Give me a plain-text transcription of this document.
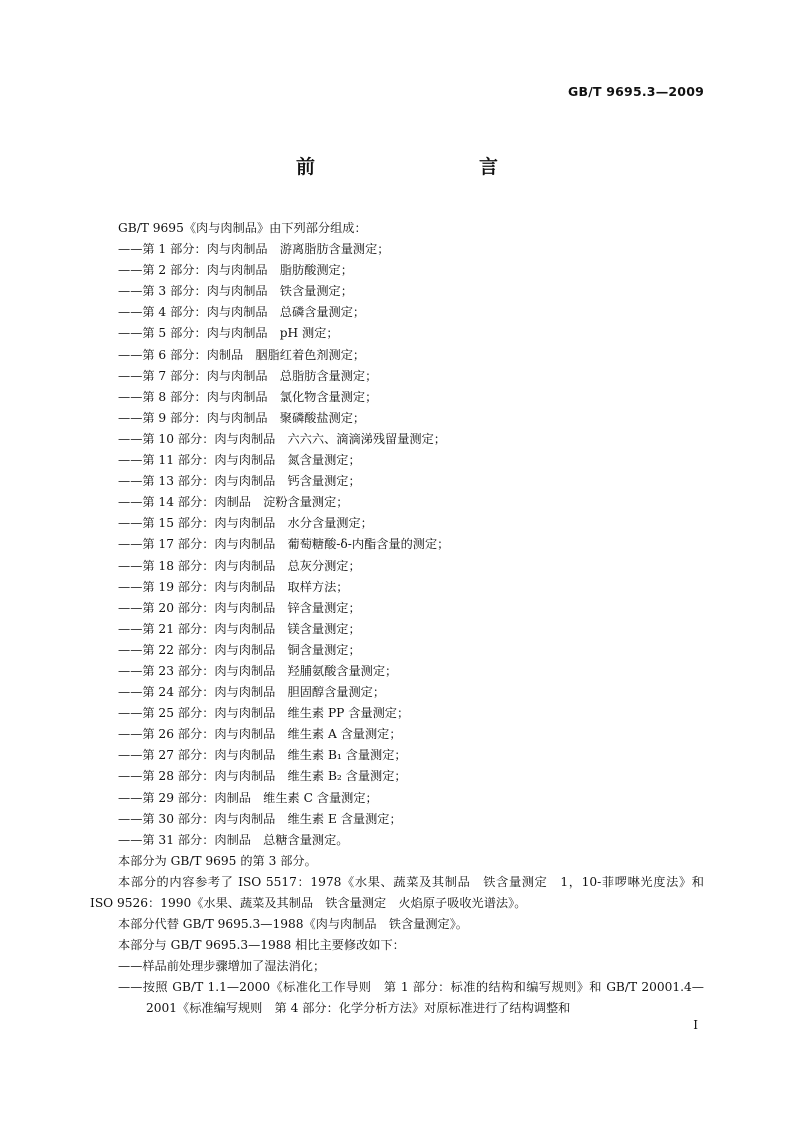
GB/T 9695.3—2009
前　　言
GB/T 9695《肉与肉制品》由下列部分组成：
——第 1 部分：肉与肉制品　游离脂肪含量测定；
——第 2 部分：肉与肉制品　脂肪酸测定；
——第 3 部分：肉与肉制品　铁含量测定；
——第 4 部分：肉与肉制品　总磷含量测定；
——第 5 部分：肉与肉制品　pH 测定；
——第 6 部分：肉制品　胭脂红着色剂测定；
——第 7 部分：肉与肉制品　总脂肪含量测定；
——第 8 部分：肉与肉制品　氯化物含量测定；
——第 9 部分：肉与肉制品　聚磷酸盐测定；
——第 10 部分：肉与肉制品　六六六、滴滴涕残留量测定；
——第 11 部分：肉与肉制品　氮含量测定；
——第 13 部分：肉与肉制品　钙含量测定；
——第 14 部分：肉制品　淀粉含量测定；
——第 15 部分：肉与肉制品　水分含量测定；
——第 17 部分：肉与肉制品　葡萄糖酸-δ-内酯含量的测定；
——第 18 部分：肉与肉制品　总灰分测定；
——第 19 部分：肉与肉制品　取样方法；
——第 20 部分：肉与肉制品　锌含量测定；
——第 21 部分：肉与肉制品　镁含量测定；
——第 22 部分：肉与肉制品　铜含量测定；
——第 23 部分：肉与肉制品　羟脯氨酸含量测定；
——第 24 部分：肉与肉制品　胆固醇含量测定；
——第 25 部分：肉与肉制品　维生素 PP 含量测定；
——第 26 部分：肉与肉制品　维生素 A 含量测定；
——第 27 部分：肉与肉制品　维生素 B₁ 含量测定；
——第 28 部分：肉与肉制品　维生素 B₂ 含量测定；
——第 29 部分：肉制品　维生素 C 含量测定；
——第 30 部分：肉与肉制品　维生素 E 含量测定；
——第 31 部分：肉制品　总糖含量测定。
本部分为 GB/T 9695 的第 3 部分。
本部分的内容参考了 ISO 5517：1978《水果、蔬菜及其制品　铁含量测定　1，10-菲啰啉光度法》和 ISO 9526：1990《水果、蔬菜及其制品　铁含量测定　火焰原子吸收光谱法》。
本部分代替 GB/T 9695.3—1988《肉与肉制品　铁含量测定》。
本部分与 GB/T 9695.3—1988 相比主要修改如下：
——样品前处理步骤增加了湿法消化；
——按照 GB/T 1.1—2000《标准化工作导则　第 1 部分：标准的结构和编写规则》和 GB/T 20001.4—2001《标准编写规则　第 4 部分：化学分析方法》对原标准进行了结构调整和
I
